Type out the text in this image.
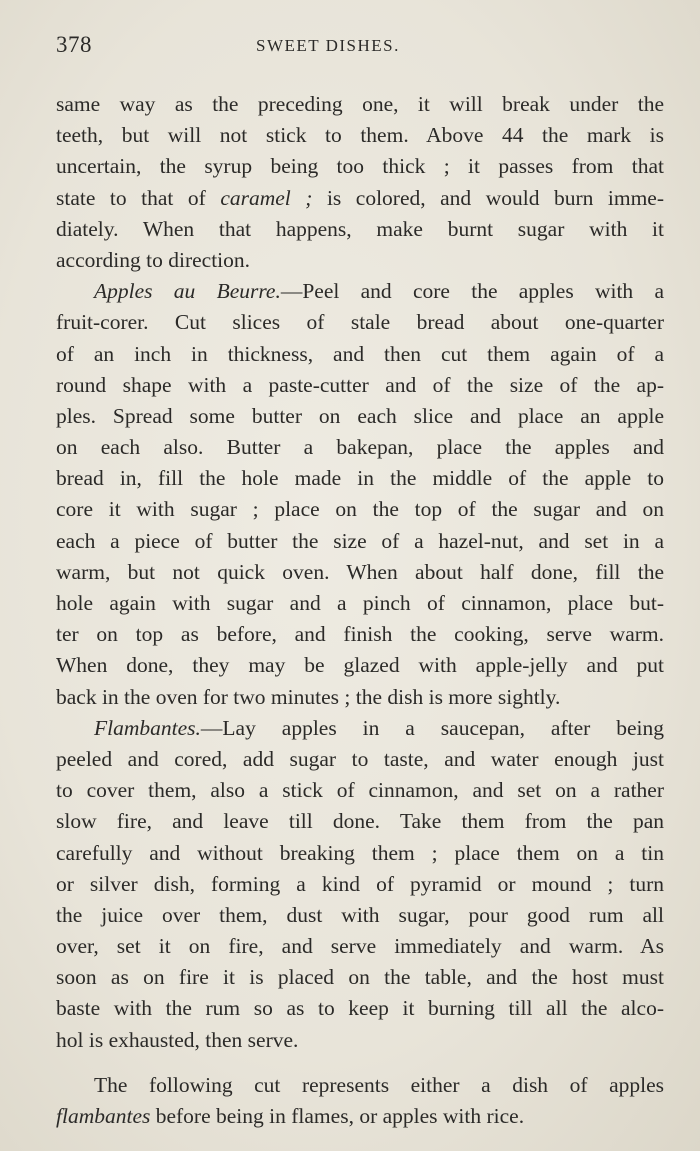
378	SWEET DISHES.
same way as the preceding one, it will break under the
teeth, but will not stick to them. Above 44 the mark is
uncertain, the syrup being too thick ; it passes from that
state to that of caramel ; is colored, and would burn imme-
diately. When that happens, make burnt sugar with it
according to direction.
Apples au Beurre.—Peel and core the apples with a
fruit-corer. Cut slices of stale bread about one-quarter
of an inch in thickness, and then cut them again of a
round shape with a paste-cutter and of the size of the ap-
ples. Spread some butter on each slice and place an apple
on each also. Butter a bakepan, place the apples and
bread in, fill the hole made in the middle of the apple to
core it with sugar ; place on the top of the sugar and on
each a piece of butter the size of a hazel-nut, and set in a
warm, but not quick oven. When about half done, fill the
hole again with sugar and a pinch of cinnamon, place but-
ter on top as before, and finish the cooking, serve warm.
When done, they may be glazed with apple-jelly and put
back in the oven for two minutes ; the dish is more sightly.
Flambantes.—Lay apples in a saucepan, after being
peeled and cored, add sugar to taste, and water enough just
to cover them, also a stick of cinnamon, and set on a rather
slow fire, and leave till done. Take them from the pan
carefully and without breaking them ; place them on a tin
or silver dish, forming a kind of pyramid or mound ; turn
the juice over them, dust with sugar, pour good rum all
over, set it on fire, and serve immediately and warm. As
soon as on fire it is placed on the table, and the host must
baste with the rum so as to keep it burning till all the alco-
hol is exhausted, then serve.
The following cut represents either a dish of apples
flambantes before being in flames, or apples with rice.
